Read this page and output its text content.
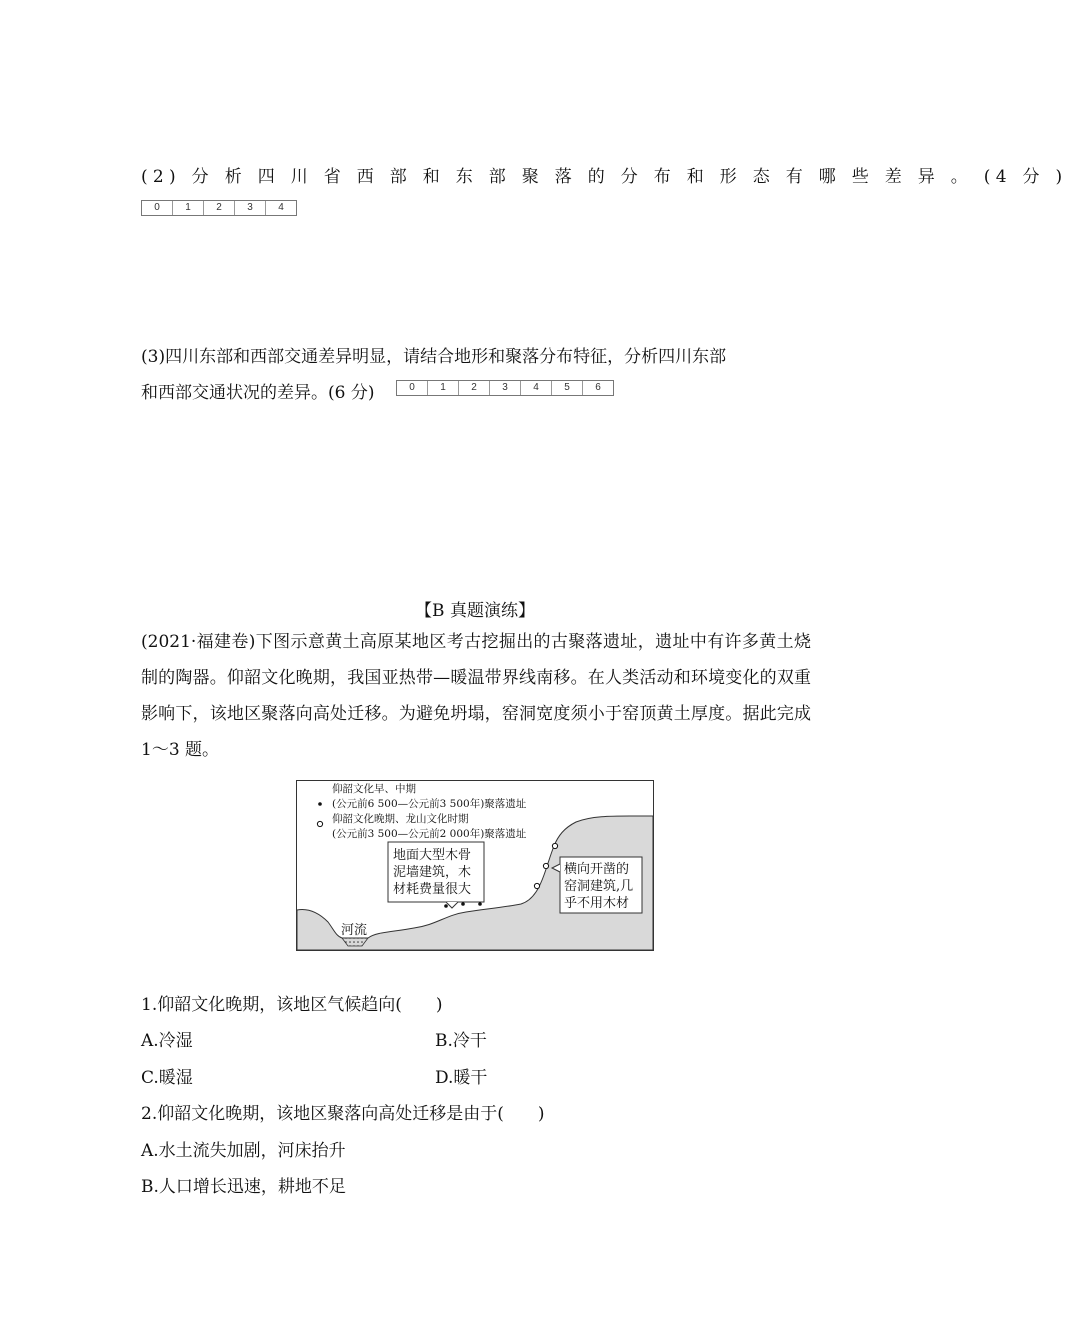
(2) 分 析 四 川 省 西 部 和 东 部 聚 落 的 分 布 和 形 态 有 哪 些 差 异 。 (4 分 )
0	1	2	3	4
(3)四川东部和西部交通差异明显，请结合地形和聚落分布特征，分析四川东部
和西部交通状况的差异。(6 分)	0	1	2	3	4	5	6
【B 真题演练】
(2021·福建卷)下图示意黄土高原某地区考古挖掘出的古聚落遗址，遗址中有许多黄土烧制的陶器。仰韶文化晚期，我国亚热带—暖温带界线南移。在人类活动和环境变化的双重影响下，该地区聚落向高处迁移。为避免坍塌，窑洞宽度须小于窑顶黄土厚度。据此完成 1～3 题。
仰韶文化早、中期
(公元前6 500—公元前3 500年)聚落遗址
仰韶文化晚期、龙山文化时期
(公元前3 500—公元前2 000年)聚落遗址
地面大型木骨
泥墙建筑，木
材耗费量很大
横向开凿的
窑洞建筑,几
乎不用木材
河流
1.仰韶文化晚期，该地区气候趋向(　　)
A.冷湿	B.冷干
C.暖湿	D.暖干
2.仰韶文化晚期，该地区聚落向高处迁移是由于(　　)
A.水土流失加剧，河床抬升
B.人口增长迅速，耕地不足
